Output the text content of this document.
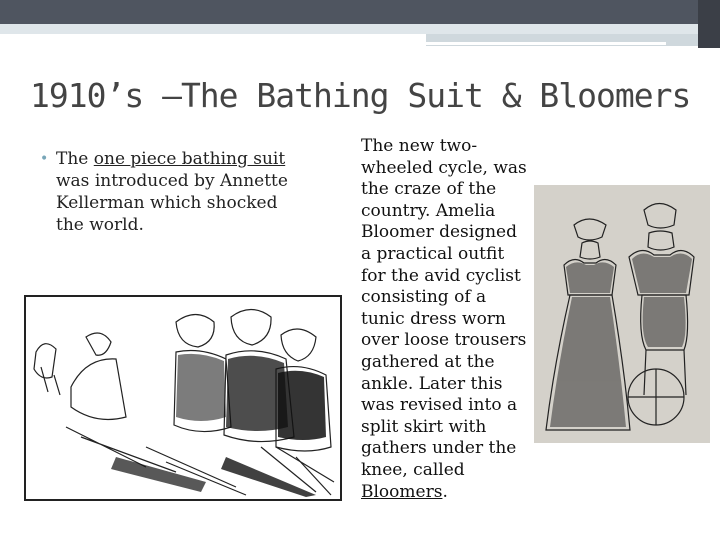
1910’s –The Bathing Suit & Bloomers
• The one piece bathing suit was introduced by Annette Kellerman which shocked the world.
The new two-wheeled cycle, was the craze of the country. Amelia Bloomer designed a practical outfit for the avid cyclist consisting of a tunic dress worn over loose trousers gathered at the ankle. Later this was revised into a split skirt with gathers under the knee, called Bloomers.
